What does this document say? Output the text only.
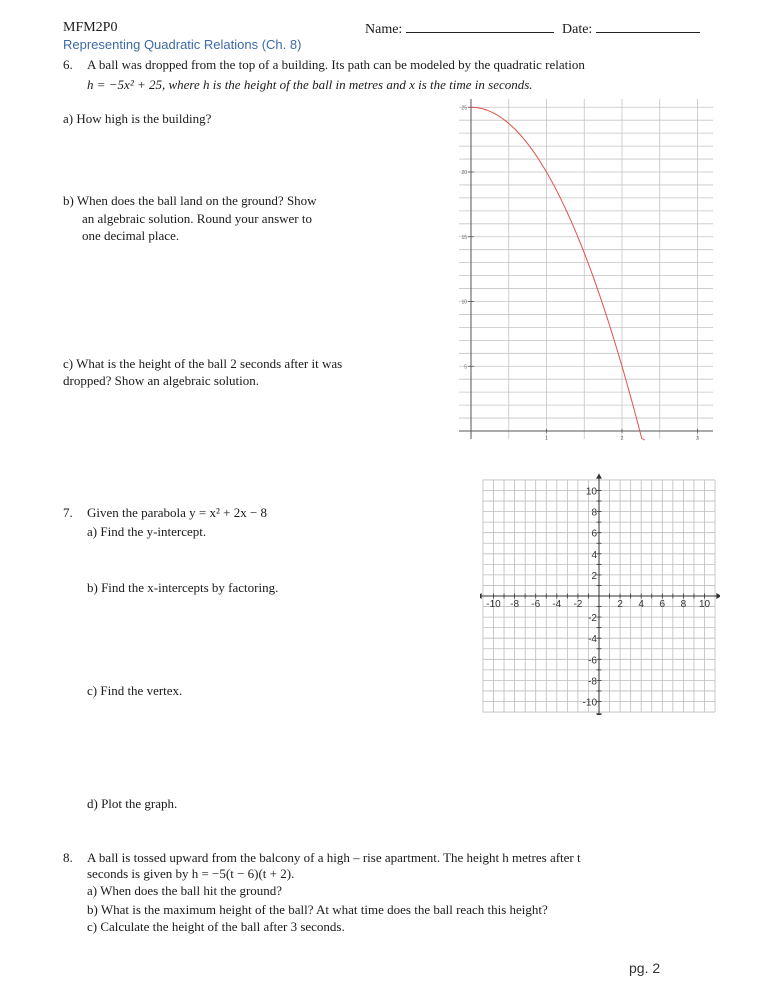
MFM2P0
Representing Quadratic Relations (Ch. 8)
Name:	Date:
6. A ball was dropped from the top of a building. Its path can be modeled by the quadratic relation
h = −5x² + 25, where h is the height of the ball in metres and x is the time in seconds.
a) How high is the building?
b) When does the ball land on the ground? Show
an algebraic solution. Round your answer to
one decimal place.
c) What is the height of the ball 2 seconds after it was
dropped? Show an algebraic solution.
5
10
15
20
25
1	2	3
7. Given the parabola y = x² + 2x − 8
a) Find the y-intercept.
b) Find the x-intercepts by factoring.
c) Find the vertex.
d) Plot the graph.
-10 -8 -6 -4 -2	2 4 6 8 10
10
8
6
4
2
-2
-4
-6
-8
-10
8. A ball is tossed upward from the balcony of a high – rise apartment. The height h metres after t
seconds is given by h = −5(t − 6)(t + 2).
a) When does the ball hit the ground?
b) What is the maximum height of the ball? At what time does the ball reach this height?
c) Calculate the height of the ball after 3 seconds.
pg. 2
